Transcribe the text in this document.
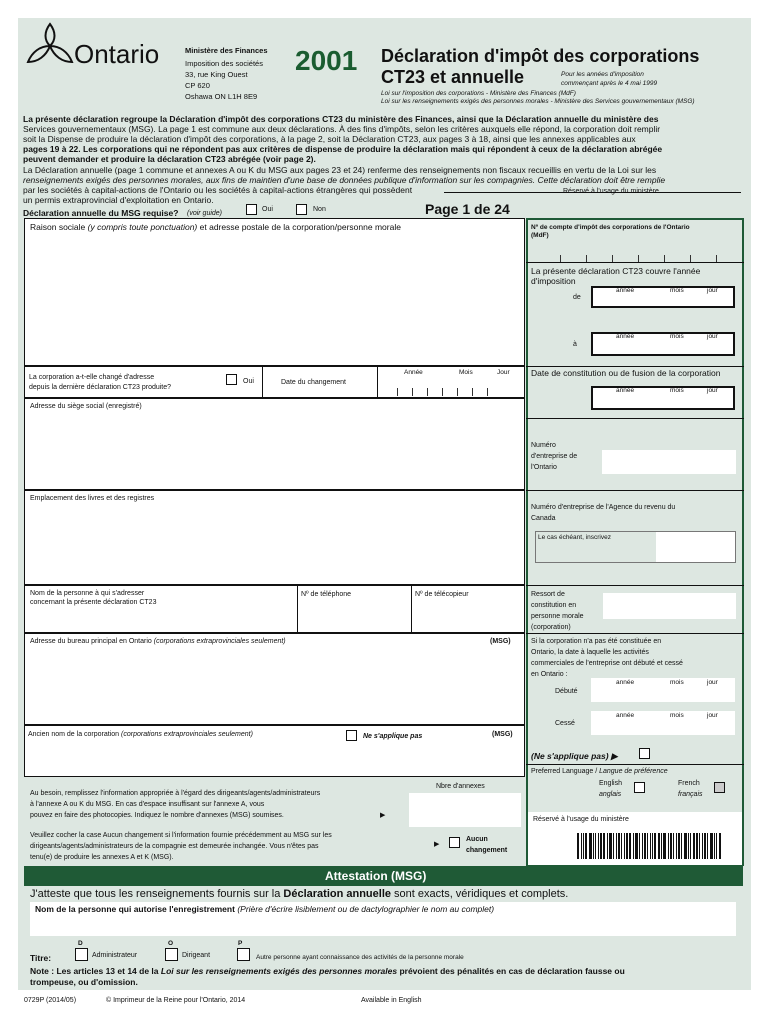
Ontario	Ministère des Finances
Imposition des sociétés
33, rue King Ouest
CP 620
Oshawa ON L1H 8E9
2001 Déclaration d'impôt des corporations
CT23 et annuelle	Pour les années d'imposition
commençant après le 4 mai 1999
Loi sur l'imposition des corporations - Ministère des Finances (MdF)
Loi sur les renseignements exigés des personnes morales - Ministère des Services gouvernementaux (MSG)
La présente déclaration regroupe la Déclaration d'impôt des corporations CT23 du ministère des Finances, ainsi que la Déclaration annuelle du ministère des
Services gouvernementaux (MSG). La page 1 est commune aux deux déclarations. À des fins d'impôts, selon les critères auxquels elle répond, la corporation doit remplir
soit la Dispense de produire la déclaration d'impôt des corporations, à la page 2, soit la Déclaration CT23, aux pages 3 à 18, ainsi que les annexes applicables aux
pages 19 à 22. Les corporations qui ne répondent pas aux critères de dispense de produire la déclaration mais qui répondent à ceux de la déclaration abrégée
peuvent demander et produire la déclaration CT23 abrégée (voir page 2).
La Déclaration annuelle (page 1 commune et annexes A ou K du MSG aux pages 23 et 24) renferme des renseignements non fiscaux recueillis en vertu de la Loi sur les
renseignements exigés des personnes morales, aux fins de maintien d'une base de données publique d'information sur les compagnies. Cette déclaration doit être remplie
par les sociétés à capital-actions de l'Ontario ou les sociétés à capital-actions étrangères qui possèdent
un permis extraprovincial d'exploitation en Ontario.
Réservé à l'usage du ministère
Déclaration annuelle du MSG requise? (voir guide)
Oui	Non	Page 1 de 24
Raison sociale (y compris toute ponctuation) et adresse postale de la corporation/personne morale
La corporation a-t-elle changé d'adresse
depuis la dernière déclaration CT23 produite?
Oui	Date du changement
Année	Mois	Jour
Adresse du siège social (enregistré)
Emplacement des livres et des registres
Nom de la personne à qui s'adresser
concernant la présente déclaration CT23
Nº de téléphone	Nº de télécopieur
Adresse du bureau principal en Ontario (corporations extraprovinciales seulement)	(MSG)
Ancien nom de la corporation (corporations extraprovinciales seulement)	Ne s'applique pas	(MSG)
Au besoin, remplissez l'information appropriée à l'égard des dirigeants/agents/administrateurs
à l'annexe A ou K du MSG. En cas d'espace insuffisant sur l'annexe A, vous
pouvez en faire des photocopies. Indiquez le nombre d'annexes (MSG) soumises.	▶
Nbre d'annexes
Veuillez cocher la case Aucun changement si l'information fournie précédemment au MSG sur les
dirigeants/agents/administrateurs de la compagnie est demeurée inchangée. Vous n'êtes pas
tenu(e) de produire les annexes A et K (MSG).
▶
Aucun
changement
Nº de compte d'impôt des corporations de l'Ontario
(MdF)
La présente déclaration CT23 couvre l'année
d'imposition
de
année	mois	jour
à
année	mois	jour
Date de constitution ou de fusion de la corporation
année	mois	jour
Numéro
d'entreprise de
l'Ontario
Numéro d'entreprise de l'Agence du revenu du
Canada
Le cas échéant, inscrivez
Ressort de
constitution en
personne morale
(corporation)
Si la corporation n'a pas été constituée en
Ontario, la date à laquelle les activités
commerciales de l'entreprise ont débuté et cessé
en Ontario :
Débuté
année	mois	jour
Cessé
année	mois	jour
(Ne s'applique pas) ▶
Preferred Language / Langue de préférence
English
anglais
French
français
Réservé à l'usage du ministère
Attestation (MSG)
J'atteste que tous les renseignements fournis sur la Déclaration annuelle sont exacts, véridiques et complets.
Nom de la personne qui autorise l'enregistrement (Prière d'écrire lisiblement ou de dactylographier le nom au complet)
D	O	P
Titre:	Administrateur	Dirigeant	Autre personne ayant connaissance des activités de la personne morale
Note : Les articles 13 et 14 de la Loi sur les renseignements exigés des personnes morales prévoient des pénalités en cas de déclaration fausse ou
trompeuse, ou d'omission.
0729P (2014/05)	© Imprimeur de la Reine pour l'Ontario, 2014	Available in English
